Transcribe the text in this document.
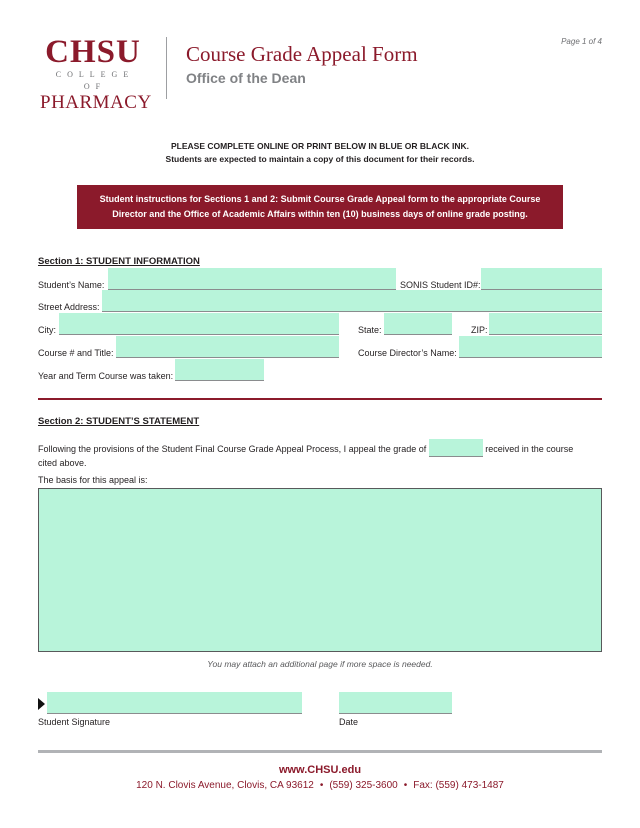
Page 1 of 4
CHSU
COLLEGE OF
PHARMACY
Course Grade Appeal Form
Office of the Dean
PLEASE COMPLETE ONLINE OR PRINT BELOW IN BLUE OR BLACK INK.
Students are expected to maintain a copy of this document for their records.
Student instructions for Sections 1 and 2: Submit Course Grade Appeal form to the appropriate Course
Director and the Office of Academic Affairs within ten (10) business days of online grade posting.
Section 1: STUDENT INFORMATION
Student’s Name:	SONIS Student ID#:
Street Address:
City:	State:	ZIP:
Course # and Title:	Course Director’s Name:
Year and Term Course was taken:
Section 2: STUDENT’S STATEMENT
Following the provisions of the Student Final Course Grade Appeal Process, I appeal the grade of	received in the course cited above.
The basis for this appeal is:
You may attach an additional page if more space is needed.
Student Signature	Date
www.CHSU.edu
120 N. Clovis Avenue, Clovis, CA 93612 • (559) 325-3600 • Fax: (559) 473-1487
